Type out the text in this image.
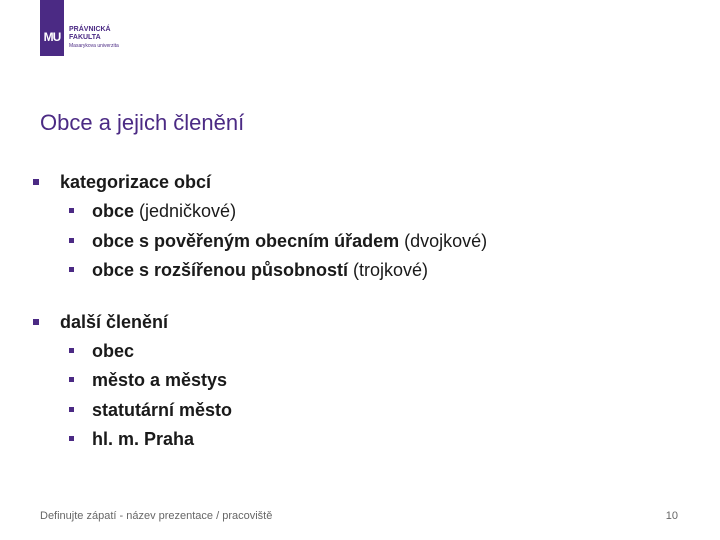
MU
PRÁVNICKÁ
FAKULTA
Masarykova univerzita
Obce a jejich členění
kategorizace obcí
obce (jedničkové)
obce s pověřeným obecním úřadem (dvojkové)
obce s rozšířenou působností (trojkové)
další členění
obec
město a městys
statutární město
hl. m. Praha
Definujte zápatí - název prezentace / pracoviště	10
